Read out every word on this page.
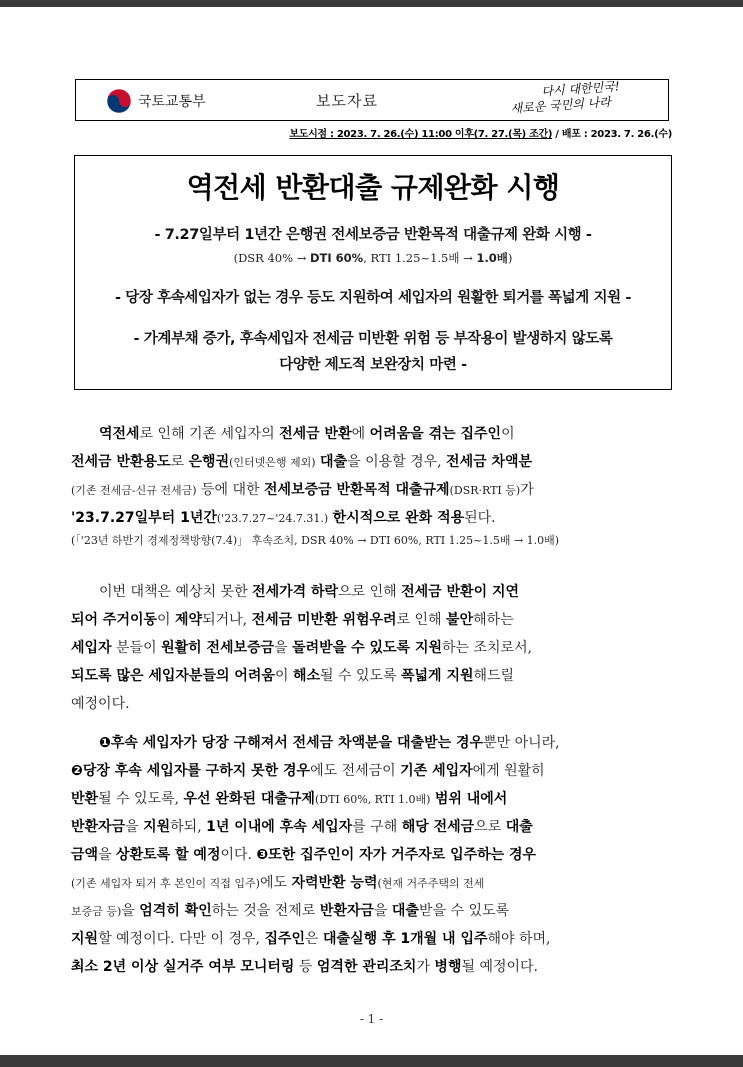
국토교통부	보도자료
다시 대한민국!
새로운 국민의 나라
보도시점 : 2023. 7. 26.(수) 11:00 이후(7. 27.(목) 조간) / 배포 : 2023. 7. 26.(수)
역전세 반환대출 규제완화 시행
- 7.27일부터 1년간 은행권 전세보증금 반환목적 대출규제 완화 시행 -
(DSR 40% → DTI 60%, RTI 1.25~1.5배 → 1.0배)
- 당장 후속세입자가 없는 경우 등도 지원하여 세입자의 원활한 퇴거를 폭넓게 지원 -
- 가계부채 증가, 후속세입자 전세금 미반환 위험 등 부작용이 발생하지 않도록
다양한 제도적 보완장치 마련 -
역전세로 인해 기존 세입자의 전세금 반환에 어려움을 겪는 집주인이
전세금 반환용도로 은행권(인터넷은행 제외) 대출을 이용할 경우, 전세금 차액분
(기존 전세금-신규 전세금) 등에 대한 전세보증금 반환목적 대출규제(DSR·RTI 등)가
'23.7.27일부터 1년간('23.7.27~'24.7.31.) 한시적으로 완화 적용된다.
(「'23년 하반기 경제정책방향(7.4)」 후속조치, DSR 40% → DTI 60%, RTI 1.25~1.5배 → 1.0배)
이번 대책은 예상치 못한 전세가격 하락으로 인해 전세금 반환이 지연
되어 주거이동이 제약되거나, 전세금 미반환 위험우려로 인해 불안해하는
세입자 분들이 원활히 전세보증금을 돌려받을 수 있도록 지원하는 조치로서,
되도록 많은 세입자분들의 어려움이 해소될 수 있도록 폭넓게 지원해드릴
예정이다.
❶후속 세입자가 당장 구해져서 전세금 차액분을 대출받는 경우뿐만 아니라,
❷당장 후속 세입자를 구하지 못한 경우에도 전세금이 기존 세입자에게 원활히
반환될 수 있도록, 우선 완화된 대출규제(DTI 60%, RTI 1.0배) 범위 내에서
반환자금을 지원하되, 1년 이내에 후속 세입자를 구해 해당 전세금으로 대출
금액을 상환토록 할 예정이다. ❸또한 집주인이 자가 거주자로 입주하는 경우
(기존 세입자 퇴거 후 본인이 직접 입주)에도 자력반환 능력(현재 거주주택의 전세
보증금 등)을 엄격히 확인하는 것을 전제로 반환자금을 대출받을 수 있도록
지원할 예정이다. 다만 이 경우, 집주인은 대출실행 후 1개월 내 입주해야 하며,
최소 2년 이상 실거주 여부 모니터링 등 엄격한 관리조치가 병행될 예정이다.
- 1 -
